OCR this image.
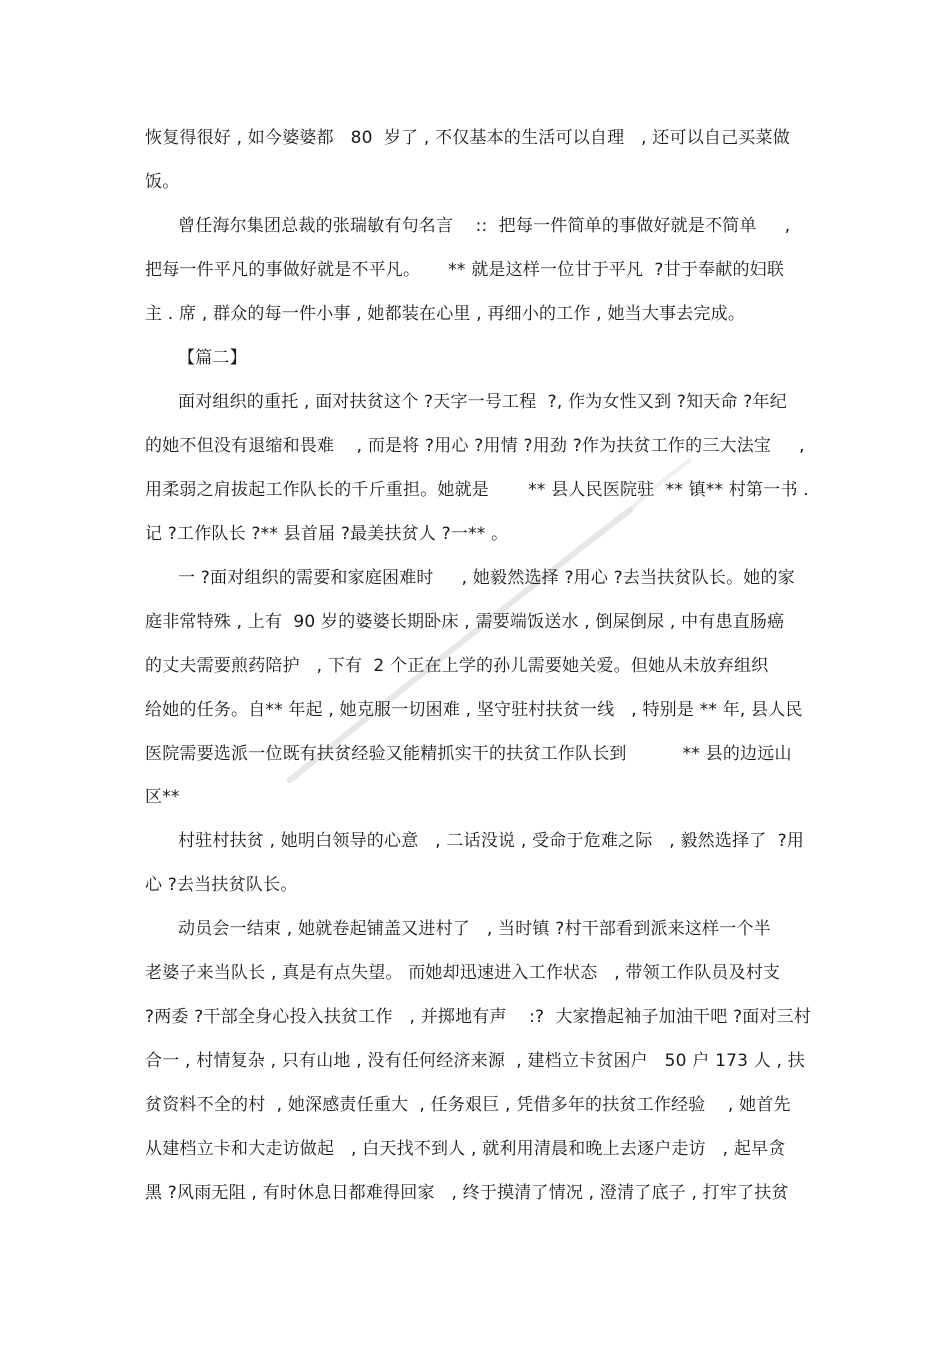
恢复得很好 , 如今婆婆都   80  岁了 , 不仅基本的生活可以自理   , 还可以自己买菜做
饭。
曾任海尔集团总裁的张瑞敏有句名言    ::  把每一件简单的事做好就是不简单     ,
把每一件平凡的事做好就是不平凡。     ** 就是这样一位甘于平凡  ?甘于奉献的妇联
主 . 席 , 群众的每一件小事 , 她都装在心里 , 再细小的工作 , 她当大事去完成。
【篇二】
面对组织的重托 , 面对扶贫这个 ?天字一号工程  ?, 作为女性又到 ?知天命 ?年纪
的她不但没有退缩和畏难    , 而是将 ?用心 ?用情 ?用劲 ?作为扶贫工作的三大法宝     ,
用柔弱之肩拔起工作队长的千斤重担。她就是       ** 县人民医院驻  ** 镇** 村第一书 .
记 ?工作队长 ?** 县首届 ?最美扶贫人 ?一** 。
一 ?面对组织的需要和家庭困难时     , 她毅然选择 ?用心 ?去当扶贫队长。她的家
庭非常特殊 , 上有  90 岁的婆婆长期卧床 , 需要端饭送水 , 倒屎倒尿 , 中有患直肠癌
的丈夫需要煎药陪护   , 下有  2 个正在上学的孙儿需要她关爱。但她从未放弃组织
给她的任务。自** 年起 , 她克服一切困难 , 坚守驻村扶贫一线   , 特别是 ** 年, 县人民
医院需要选派一位既有扶贫经验又能精抓实干的扶贫工作队长到          ** 县的边远山
区**
村驻村扶贫 , 她明白领导的心意   , 二话没说 , 受命于危难之际   , 毅然选择了  ?用
心 ?去当扶贫队长。
动员会一结束 , 她就卷起铺盖又进村了   , 当时镇 ?村干部看到派来这样一个半
老婆子来当队长 , 真是有点失望。 而她却迅速进入工作状态   , 带领工作队员及村支
?两委 ?干部全身心投入扶贫工作   , 并掷地有声    :?  大家撸起袖子加油干吧 ?面对三村
合一 , 村情复杂 , 只有山地 , 没有任何经济来源  , 建档立卡贫困户   50 户 173 人 , 扶
贫资料不全的村  , 她深感责任重大  , 任务艰巨 , 凭借多年的扶贫工作经验    , 她首先
从建档立卡和大走访做起   , 白天找不到人 , 就利用清晨和晚上去逐户走访   , 起早贪
黑 ?风雨无阻 , 有时休息日都难得回家   , 终于摸清了情况 , 澄清了底子 , 打牢了扶贫
